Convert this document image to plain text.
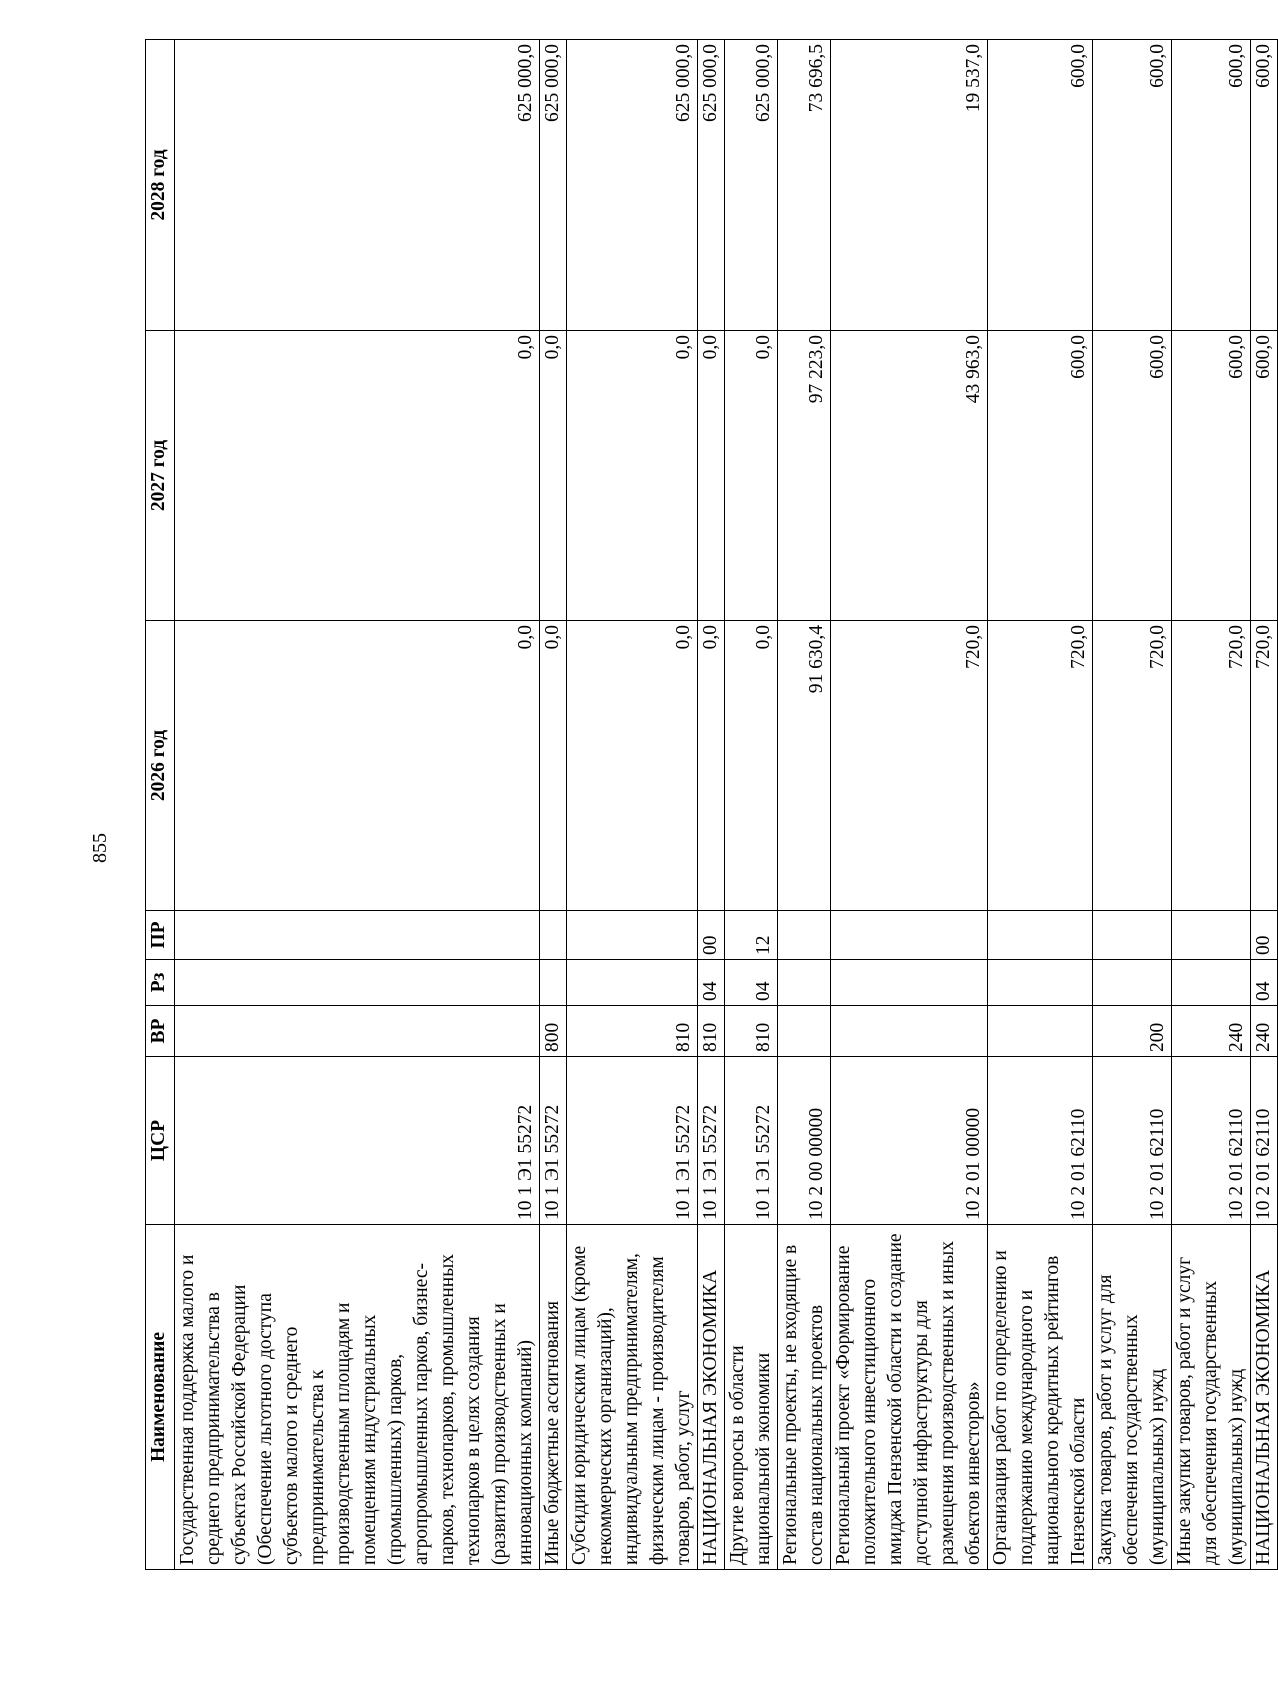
855
Наименование	ЦСР	ВР	Рз	ПР	2026 год	2027 год	2028 год
Государственная поддержка малого и среднего предпринимательства в субъектах Российской Федерации (Обеспечение льготного доступа субъектов малого и среднего предпринимательства к производственным площадям и помещениям индустриальных (промышленных) парков, агропромышленных парков, бизнес-парков, технопарков, промышленных технопарков в целях создания (развития) производственных и инновационных компаний)	10 1 Э1 55272				0,0	0,0	625 000,0
Иные бюджетные ассигнования	10 1 Э1 55272	800			0,0	0,0	625 000,0
Субсидии юридическим лицам (кроме некоммерческих организаций), индивидуальным предпринимателям, физическим лицам - производителям товаров, работ, услуг	10 1 Э1 55272	810			0,0	0,0	625 000,0
НАЦИОНАЛЬНАЯ ЭКОНОМИКА	10 1 Э1 55272	810	04	00	0,0	0,0	625 000,0
Другие вопросы в области национальной экономики	10 1 Э1 55272	810	04	12	0,0	0,0	625 000,0
Региональные проекты, не входящие в состав национальных проектов	10 2 00 00000				91 630,4	97 223,0	73 696,5
Региональный проект «Формирование положительного инвестиционного имиджа Пензенской области и создание доступной инфраструктуры для размещения производственных и иных объектов инвесторов»	10 2 01 00000				720,0	43 963,0	19 537,0
Организация работ по определению и поддержанию международного и национального кредитных рейтингов Пензенской области	10 2 01 62110				720,0	600,0	600,0
Закупка товаров, работ и услуг для обеспечения государственных (муниципальных) нужд	10 2 01 62110	200			720,0	600,0	600,0
Иные закупки товаров, работ и услуг для обеспечения государственных (муниципальных) нужд	10 2 01 62110	240			720,0	600,0	600,0
НАЦИОНАЛЬНАЯ ЭКОНОМИКА	10 2 01 62110	240	04	00	720,0	600,0	600,0
